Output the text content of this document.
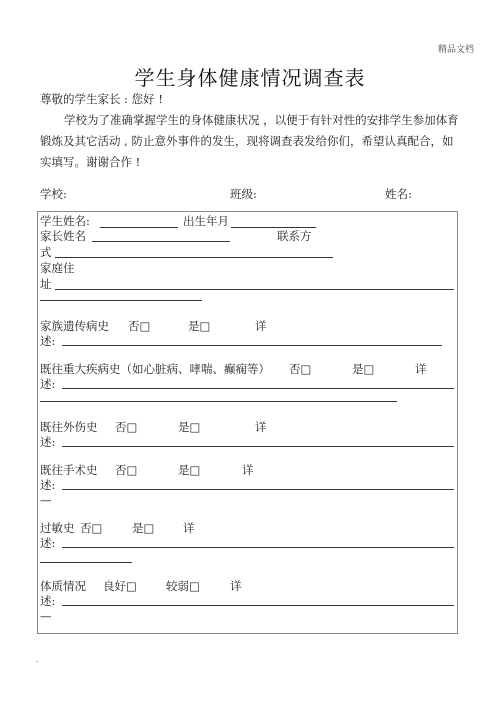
精品文档
学生身体健康情况调查表
尊敬的学生家长 : 您好 !
学校为了准确掌握学生的身体健康状况 ，以便于有针对性的安排学生参加体育锻炼及其它活动 , 防止意外事件的发生，现将调查表发给你们，希望认真配合，如实填写。谢谢合作 !
学校:	班级:	姓名:
学生姓名:	出生年月
家长姓名	联系方
式
家庭住
址
家族遗传病史 否□	是□	详
述:
既往重大疾病史（如心脏病、哮喘、癫痫等） 否□	是□	详
述:
既往外伤史 否□	是□	详
述:
既往手术史 否□	是□	详
述:
—
过敏史 否□	是□ 详
述:
体质情况 良好□	较弱□	详
述:
—
.
